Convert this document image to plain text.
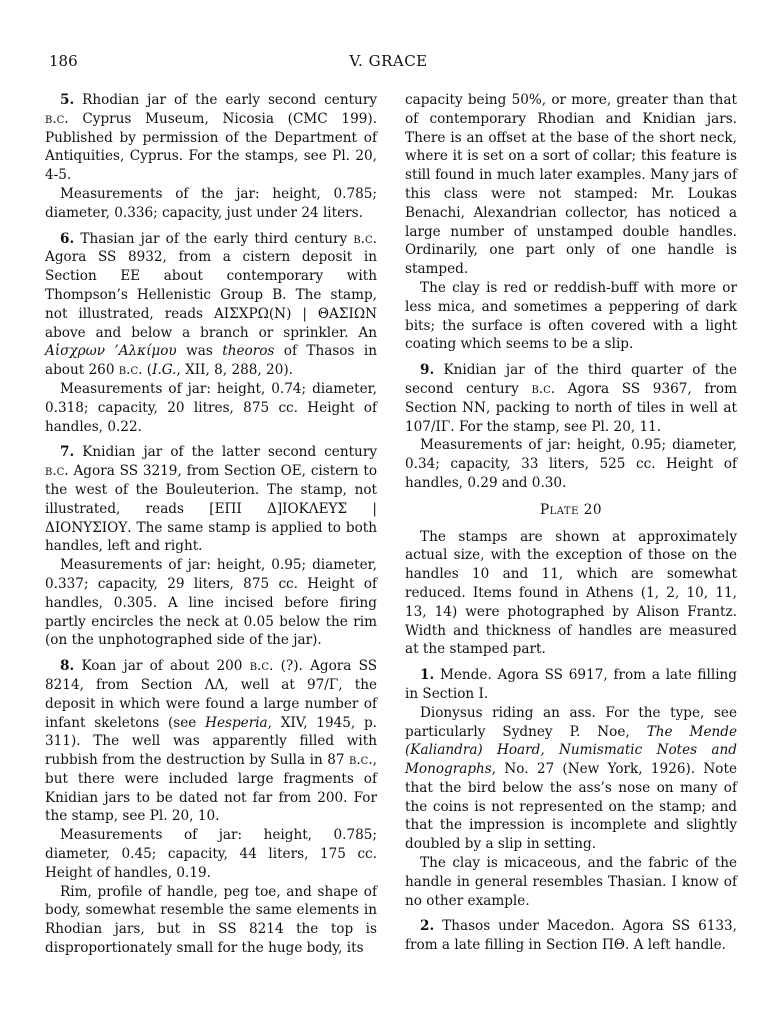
186	V. GRACE

5. Rhodian jar of the early second century b.c. Cyprus Museum, Nicosia (CMC 199). Published by permission of the Department of Antiquities, Cyprus. For the stamps, see Pl. 20, 4-5.

Measurements of the jar: height, 0.785; diameter, 0.336; capacity, just under 24 liters.

6. Thasian jar of the early third century b.c. Agora SS 8932, from a cistern deposit in Section ΕΕ about contemporary with Thompson’s Hellenistic Group B. The stamp, not illustrated, reads ΑΙΣΧΡΩ(Ν) | ΘΑΣΙΩΝ above and below a branch or sprinkler. An Αἰσχρων ’Αλκίμου was theoros of Thasos in about 260 b.c. (I.G., XII, 8, 288, 20).

Measurements of jar: height, 0.74; diameter, 0.318; capacity, 20 litres, 875 cc. Height of handles, 0.22.

7. Knidian jar of the latter second century b.c. Agora SS 3219, from Section ΟΕ, cistern to the west of the Bouleuterion. The stamp, not illustrated, reads [ΕΠΙ Δ]ΙΟΚΛΕΥΣ | ΔΙΟΝΥΣΙΟΥ. The same stamp is applied to both handles, left and right.

Measurements of jar: height, 0.95; diameter, 0.337; capacity, 29 liters, 875 cc. Height of handles, 0.305. A line incised before firing partly encircles the neck at 0.05 below the rim (on the unphotographed side of the jar).

8. Koan jar of about 200 b.c. (?). Agora SS 8214, from Section ΛΛ, well at 97/Γ, the deposit in which were found a large number of infant skeletons (see Hesperia, XIV, 1945, p. 311). The well was apparently filled with rubbish from the destruction by Sulla in 87 b.c., but there were included large fragments of Knidian jars to be dated not far from 200. For the stamp, see Pl. 20, 10.

Measurements of jar: height, 0.785; diameter, 0.45; capacity, 44 liters, 175 cc. Height of handles, 0.19.

Rim, profile of handle, peg toe, and shape of body, somewhat resemble the same elements in Rhodian jars, but in SS 8214 the top is disproportionately small for the huge body, its

capacity being 50%, or more, greater than that of contemporary Rhodian and Knidian jars. There is an offset at the base of the short neck, where it is set on a sort of collar; this feature is still found in much later examples. Many jars of this class were not stamped: Mr. Loukas Benachi, Alexandrian collector, has noticed a large number of unstamped double handles. Ordinarily, one part only of one handle is stamped.

The clay is red or reddish-buff with more or less mica, and sometimes a peppering of dark bits; the surface is often covered with a light coating which seems to be a slip.

9. Knidian jar of the third quarter of the second century b.c. Agora SS 9367, from Section ΝΝ, packing to north of tiles in well at 107/ΙΓ. For the stamp, see Pl. 20, 11.

Measurements of jar: height, 0.95; diameter, 0.34; capacity, 33 liters, 525 cc. Height of handles, 0.29 and 0.30.

Plate 20

The stamps are shown at approximately actual size, with the exception of those on the handles 10 and 11, which are somewhat reduced. Items found in Athens (1, 2, 10, 11, 13, 14) were photographed by Alison Frantz. Width and thickness of handles are measured at the stamped part.

1. Mende. Agora SS 6917, from a late filling in Section Ι.

Dionysus riding an ass. For the type, see particularly Sydney P. Noe, The Mende (Kaliandra) Hoard, Numismatic Notes and Monographs, No. 27 (New York, 1926). Note that the bird below the ass’s nose on many of the coins is not represented on the stamp; and that the impression is incomplete and slightly doubled by a slip in setting.

The clay is micaceous, and the fabric of the handle in general resembles Thasian. I know of no other example.

2. Thasos under Macedon. Agora SS 6133, from a late filling in Section ΠΘ. A left handle.
